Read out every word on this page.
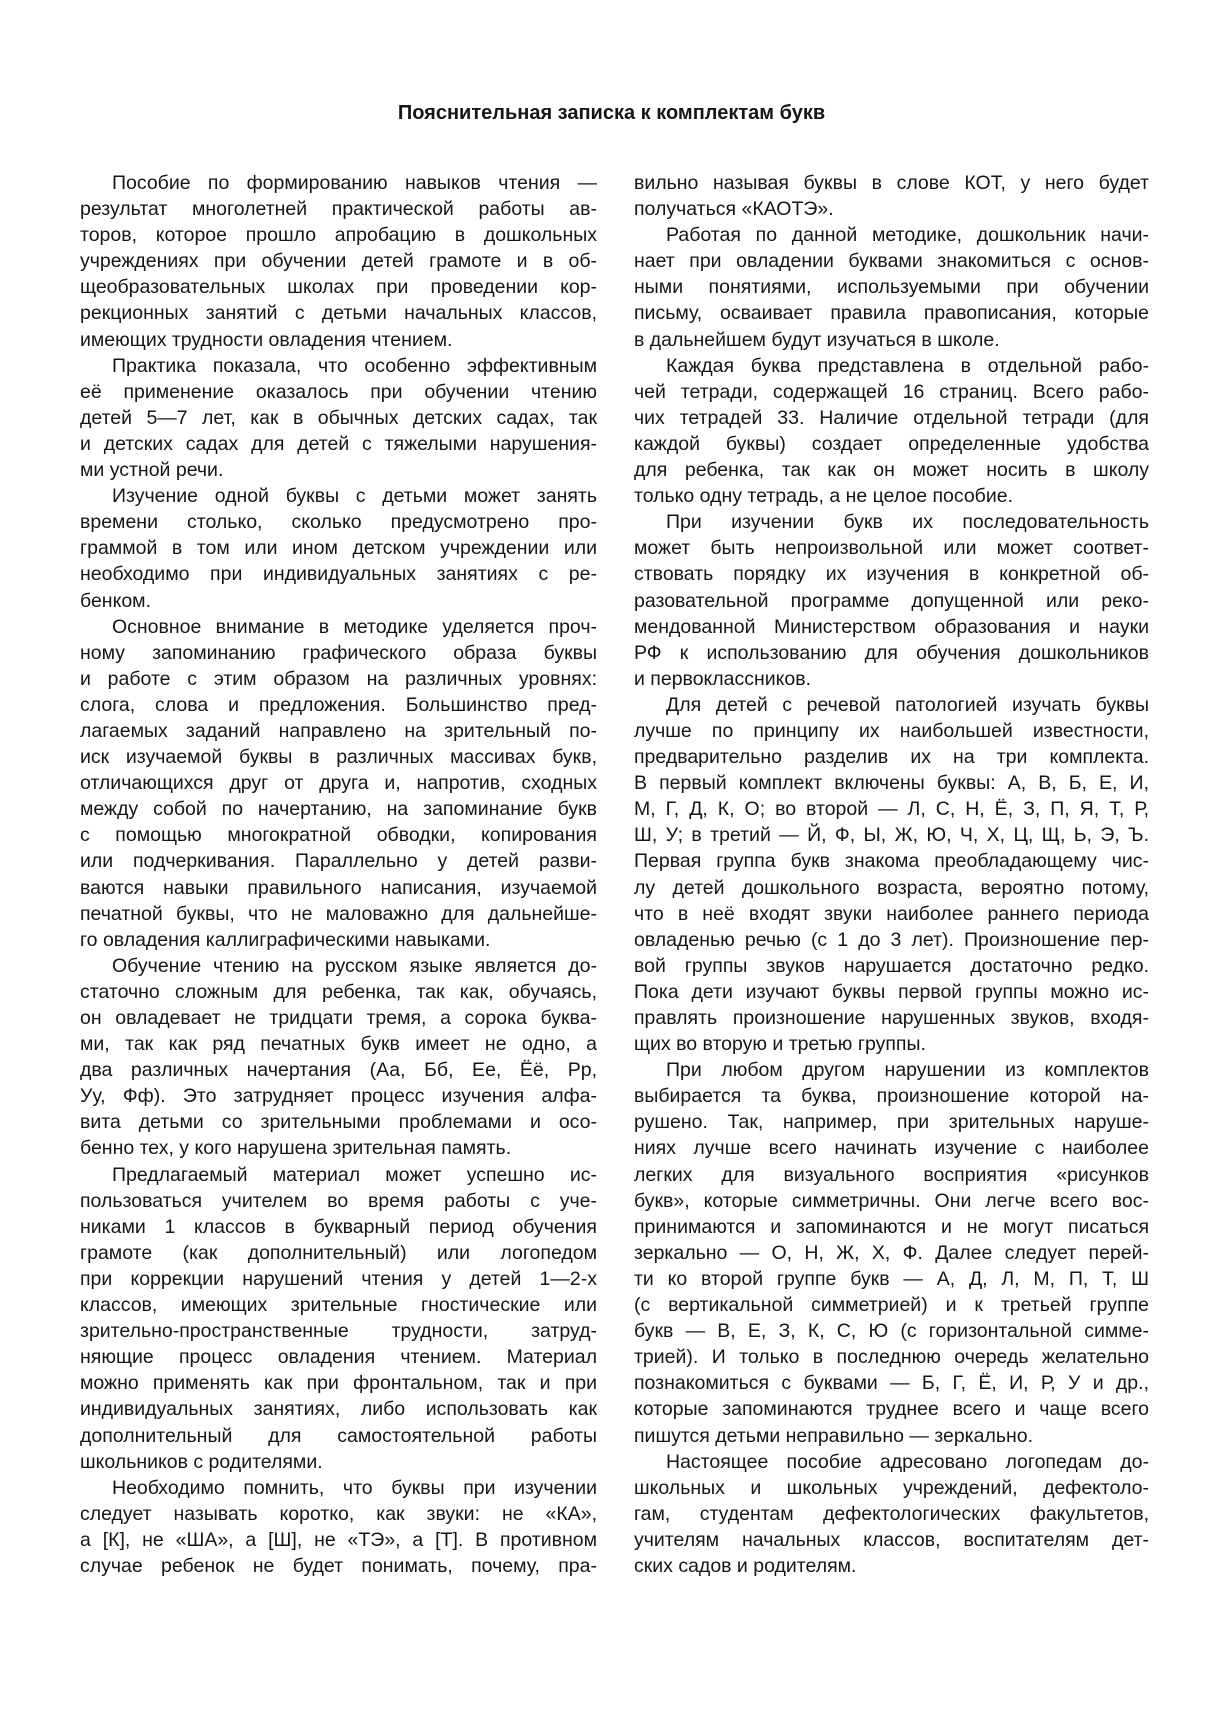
Пояснительная записка к комплектам букв
Пособие по формированию навыков чтения —
результат многолетней практической работы ав-
торов, которое прошло апробацию в дошкольных
учреждениях при обучении детей грамоте и в об-
щеобразовательных школах при проведении кор-
рекционных занятий с детьми начальных классов,
имеющих трудности овладения чтением.
Практика показала, что особенно эффективным
её применение оказалось при обучении чтению
детей 5—7 лет, как в обычных детских садах, так
и детских садах для детей с тяжелыми нарушения-
ми устной речи.
Изучение одной буквы с детьми может занять
времени столько, сколько предусмотрено про-
граммой в том или ином детском учреждении или
необходимо при индивидуальных занятиях с ре-
бенком.
Основное внимание в методике уделяется проч-
ному запоминанию графического образа буквы
и работе с этим образом на различных уровнях:
слога, слова и предложения. Большинство пред-
лагаемых заданий направлено на зрительный по-
иск изучаемой буквы в различных массивах букв,
отличающихся друг от друга и, напротив, сходных
между собой по начертанию, на запоминание букв
с помощью многократной обводки, копирования
или подчеркивания. Параллельно у детей разви-
ваются навыки правильного написания, изучаемой
печатной буквы, что не маловажно для дальнейше-
го овладения каллиграфическими навыками.
Обучение чтению на русском языке является до-
статочно сложным для ребенка, так как, обучаясь,
он овладевает не тридцати тремя, а сорока буква-
ми, так как ряд печатных букв имеет не одно, а
два различных начертания (Аа, Бб, Ее, Ёё, Рр,
Уу, Фф). Это затрудняет процесс изучения алфа-
вита детьми со зрительными проблемами и осо-
бенно тех, у кого нарушена зрительная память.
Предлагаемый материал может успешно ис-
пользоваться учителем во время работы с уче-
никами 1 классов в букварный период обучения
грамоте (как дополнительный) или логопедом
при коррекции нарушений чтения у детей 1—2-х
классов, имеющих зрительные гностические или
зрительно-пространственные трудности, затруд-
няющие процесс овладения чтением. Материал
можно применять как при фронтальном, так и при
индивидуальных занятиях, либо использовать как
дополнительный для самостоятельной работы
школьников с родителями.
Необходимо помнить, что буквы при изучении
следует называть коротко, как звуки: не «КА»,
а [К], не «ША», а [Ш], не «ТЭ», а [Т]. В противном
случае ребенок не будет понимать, почему, пра-
вильно называя буквы в слове КОТ, у него будет
получаться «КАОТЭ».
Работая по данной методике, дошкольник начи-
нает при овладении буквами знакомиться с основ-
ными понятиями, используемыми при обучении
письму, осваивает правила правописания, которые
в дальнейшем будут изучаться в школе.
Каждая буква представлена в отдельной рабо-
чей тетради, содержащей 16 страниц. Всего рабо-
чих тетрадей 33. Наличие отдельной тетради (для
каждой буквы) создает определенные удобства
для ребенка, так как он может носить в школу
только одну тетрадь, а не целое пособие.
При изучении букв их последовательность
может быть непроизвольной или может соответ-
ствовать порядку их изучения в конкретной об-
разовательной программе допущенной или реко-
мендованной Министерством образования и науки
РФ к использованию для обучения дошкольников
и первоклассников.
Для детей с речевой патологией изучать буквы
лучше по принципу их наибольшей известности,
предварительно разделив их на три комплекта.
В первый комплект включены буквы: А, В, Б, Е, И,
М, Г, Д, К, О; во второй — Л, С, Н, Ё, З, П, Я, Т, Р,
Ш, У; в третий — Й, Ф, Ы, Ж, Ю, Ч, Х, Ц, Щ, Ь, Э, Ъ.
Первая группа букв знакома преобладающему чис-
лу детей дошкольного возраста, вероятно потому,
что в неё входят звуки наиболее раннего периода
овладенью речью (с 1 до 3 лет). Произношение пер-
вой группы звуков нарушается достаточно редко.
Пока дети изучают буквы первой группы можно ис-
правлять произношение нарушенных звуков, входя-
щих во вторую и третью группы.
При любом другом нарушении из комплектов
выбирается та буква, произношение которой на-
рушено. Так, например, при зрительных наруше-
ниях лучше всего начинать изучение с наиболее
легких для визуального восприятия «рисунков
букв», которые симметричны. Они легче всего вос-
принимаются и запоминаются и не могут писаться
зеркально — О, Н, Ж, Х, Ф. Далее следует перей-
ти ко второй группе букв — А, Д, Л, М, П, Т, Ш
(с вертикальной симметрией) и к третьей группе
букв — В, Е, З, К, С, Ю (с горизонтальной симме-
трией). И только в последнюю очередь желательно
познакомиться с буквами — Б, Г, Ё, И, Р, У и др.,
которые запоминаются труднее всего и чаще всего
пишутся детьми неправильно — зеркально.
Настоящее пособие адресовано логопедам до-
школьных и школьных учреждений, дефектоло-
гам, студентам дефектологических факультетов,
учителям начальных классов, воспитателям дет-
ских садов и родителям.
